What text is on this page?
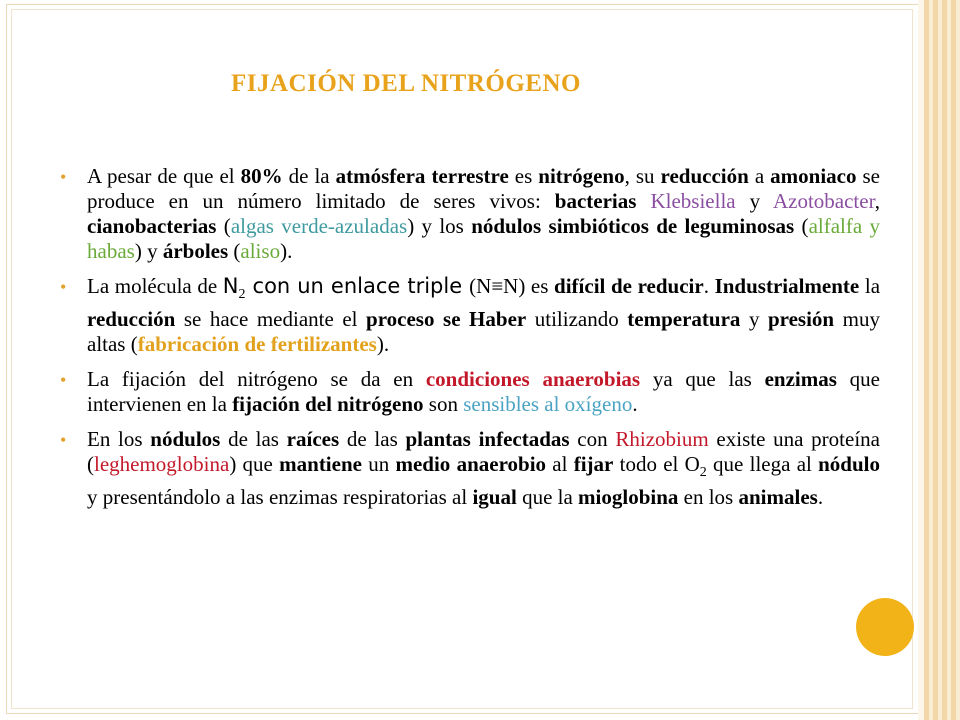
FIJACIÓN DEL NITRÓGENO
• A pesar de que el 80% de la atmósfera terrestre es nitrógeno, su reducción a amoniaco se produce en un número limitado de seres vivos: bacterias Klebsiella y Azotobacter, cianobacterias (algas verde-azuladas) y los nódulos simbióticos de leguminosas (alfalfa y habas) y árboles (aliso).
• La molécula de $N_2$ con un enlace triple (N≡N) es difícil de reducir. Industrialmente la reducción se hace mediante el proceso se Haber utilizando temperatura y presión muy altas (fabricación de fertilizantes).
• La fijación del nitrógeno se da en condiciones anaerobias ya que las enzimas que intervienen en la fijación del nitrógeno son sensibles al oxígeno.
• En los nódulos de las raíces de las plantas infectadas con Rhizobium existe una proteína (leghemoglobina) que mantiene un medio anaerobio al fijar todo el $O_2$ que llega al nódulo y presentándolo a las enzimas respiratorias al igual que la mioglobina en los animales.
